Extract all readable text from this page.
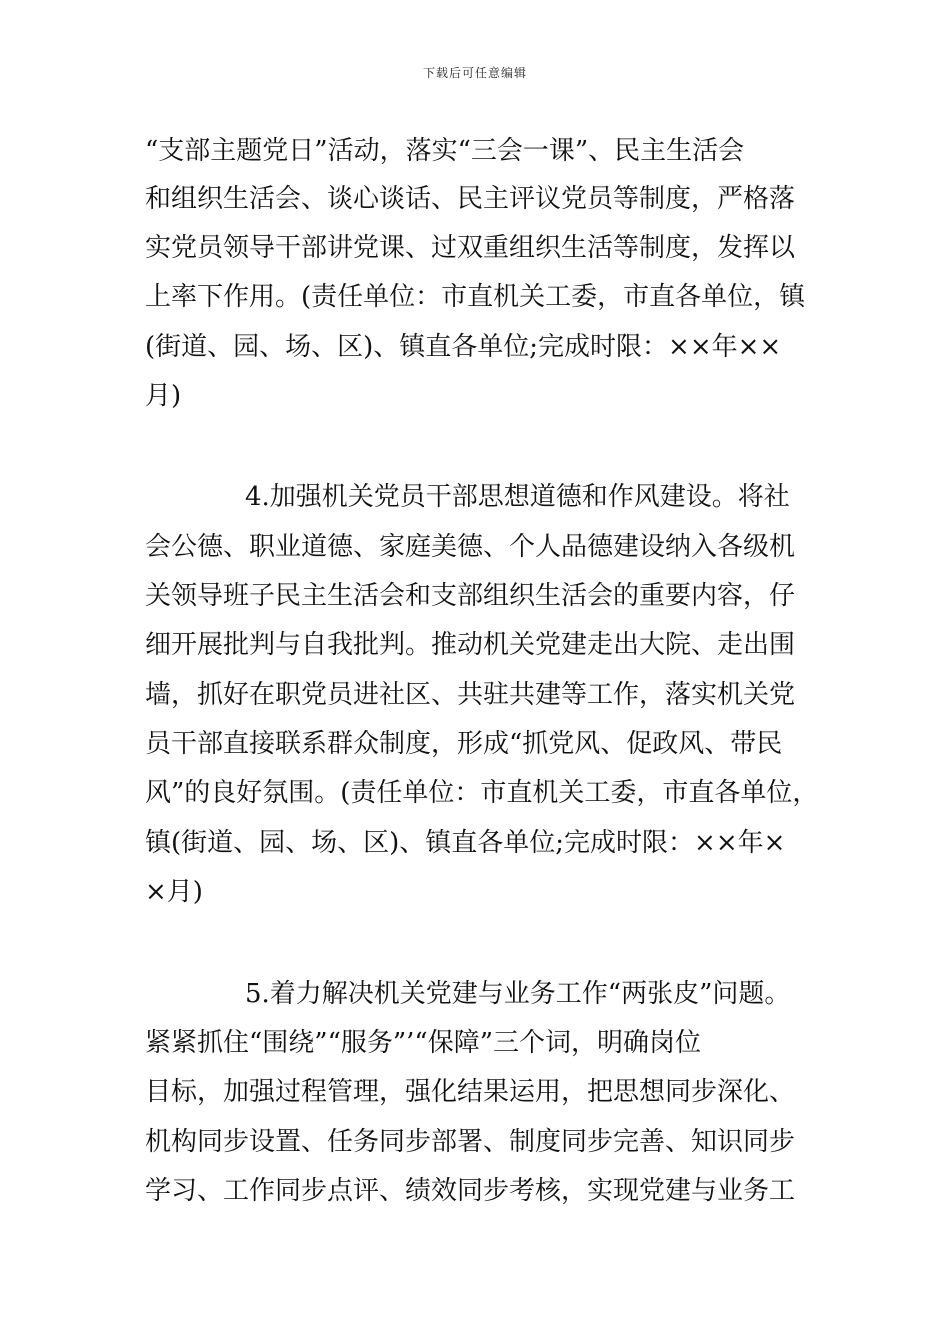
下载后可任意编辑
“支部主题党日”活动，落实“三会一课”、民主生活会
和组织生活会、谈心谈话、民主评议党员等制度，严格落
实党员领导干部讲党课、过双重组织生活等制度，发挥以
上率下作用。(责任单位：市直机关工委，市直各单位，镇
(街道、园、场、区)、镇直各单位;完成时限：××年××
月)
4.加强机关党员干部思想道德和作风建设。将社
会公德、职业道德、家庭美德、个人品德建设纳入各级机
关领导班子民主生活会和支部组织生活会的重要内容，仔
细开展批判与自我批判。推动机关党建走出大院、走出围
墙，抓好在职党员进社区、共驻共建等工作，落实机关党
员干部直接联系群众制度，形成“抓党风、促政风、带民
风”的良好氛围。(责任单位：市直机关工委，市直各单位，
镇(街道、园、场、区)、镇直各单位;完成时限：××年×
×月)
5.着力解决机关党建与业务工作“两张皮”问题。
紧紧抓住“围绕”“服务”’“保障”三个词，明确岗位
目标，加强过程管理，强化结果运用，把思想同步深化、
机构同步设置、任务同步部署、制度同步完善、知识同步
学习、工作同步点评、绩效同步考核，实现党建与业务工
